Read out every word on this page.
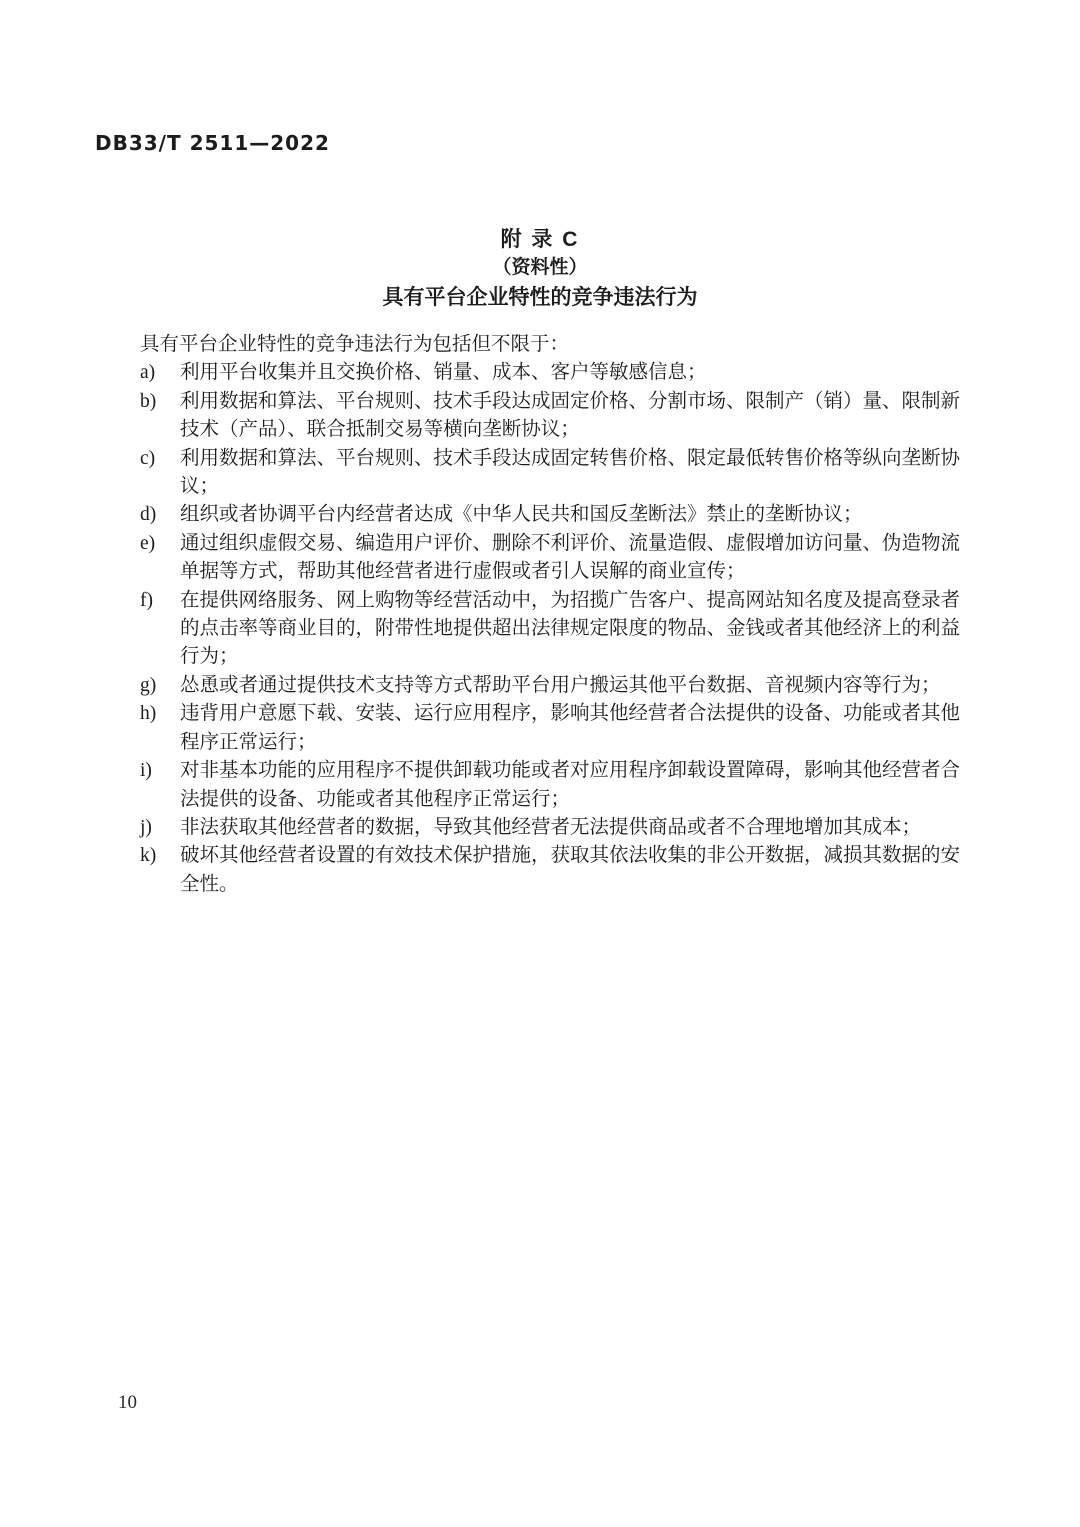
DB33/T 2511—2022
附 录 C
（资料性）
具有平台企业特性的竞争违法行为
具有平台企业特性的竞争违法行为包括但不限于：
a)	利用平台收集并且交换价格、销量、成本、客户等敏感信息；
b)	利用数据和算法、平台规则、技术手段达成固定价格、分割市场、限制产（销）量、限制新技术（产品）、联合抵制交易等横向垄断协议；
c)	利用数据和算法、平台规则、技术手段达成固定转售价格、限定最低转售价格等纵向垄断协议；
d)	组织或者协调平台内经营者达成《中华人民共和国反垄断法》禁止的垄断协议；
e)	通过组织虚假交易、编造用户评价、删除不利评价、流量造假、虚假增加访问量、伪造物流单据等方式，帮助其他经营者进行虚假或者引人误解的商业宣传；
f)	在提供网络服务、网上购物等经营活动中，为招揽广告客户、提高网站知名度及提高登录者的点击率等商业目的，附带性地提供超出法律规定限度的物品、金钱或者其他经济上的利益行为；
g)	怂恿或者通过提供技术支持等方式帮助平台用户搬运其他平台数据、音视频内容等行为；
h)	违背用户意愿下载、安装、运行应用程序，影响其他经营者合法提供的设备、功能或者其他程序正常运行；
i)	对非基本功能的应用程序不提供卸载功能或者对应用程序卸载设置障碍，影响其他经营者合法提供的设备、功能或者其他程序正常运行；
j)	非法获取其他经营者的数据，导致其他经营者无法提供商品或者不合理地增加其成本；
k)	破坏其他经营者设置的有效技术保护措施，获取其依法收集的非公开数据，减损其数据的安全性。
10
